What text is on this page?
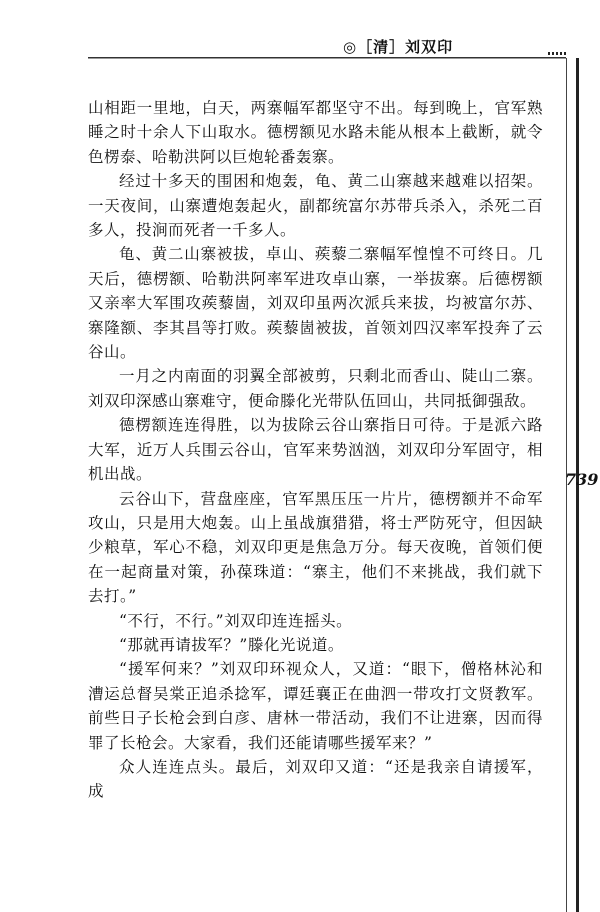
◎［清］刘双印
739

山相距一里地，白天，两寨幅军都坚守不出。每到晚上，官军熟睡之时十余人下山取水。德楞额见水路未能从根本上截断，就令色楞泰、哈勒洪阿以巨炮轮番轰寨。

经过十多天的围困和炮轰，龟、黄二山寨越来越难以招架。一天夜间，山寨遭炮轰起火，副都统富尔苏带兵杀入，杀死二百多人，投涧而死者一千多人。

龟、黄二山寨被拔，卓山、蒺藜二寨幅军惶惶不可终日。几天后，德楞额、哈勒洪阿率军进攻卓山寨，一举拔寨。后德楞额又亲率大军围攻蒺藜崮，刘双印虽两次派兵来拔，均被富尔苏、寨隆额、李其昌等打败。蒺藜崮被拔，首领刘四汉率军投奔了云谷山。

一月之内南面的羽翼全部被剪，只剩北而香山、陡山二寨。刘双印深感山寨难守，便命滕化光带队伍回山，共同抵御强敌。

德楞额连连得胜，以为拔除云谷山寨指日可待。于是派六路大军，近万人兵围云谷山，官军来势汹汹，刘双印分军固守，相机出战。

云谷山下，营盘座座，官军黑压压一片片，德楞额并不命军攻山，只是用大炮轰。山上虽战旗猎猎，将士严防死守，但因缺少粮草，军心不稳，刘双印更是焦急万分。每天夜晚，首领们便在一起商量对策，孙葆珠道：“寨主，他们不来挑战，我们就下去打。”

“不行，不行。”刘双印连连摇头。

“那就再请拔军？”滕化光说道。

“援军何来？”刘双印环视众人，又道：“眼下，僧格林沁和漕运总督吴棠正追杀捻军，谭廷襄正在曲泗一带攻打文贤教军。前些日子长枪会到白彦、唐林一带活动，我们不让进寨，因而得罪了长枪会。大家看，我们还能请哪些援军来？”

众人连连点头。最后，刘双印又道：“还是我亲自请援军，成
